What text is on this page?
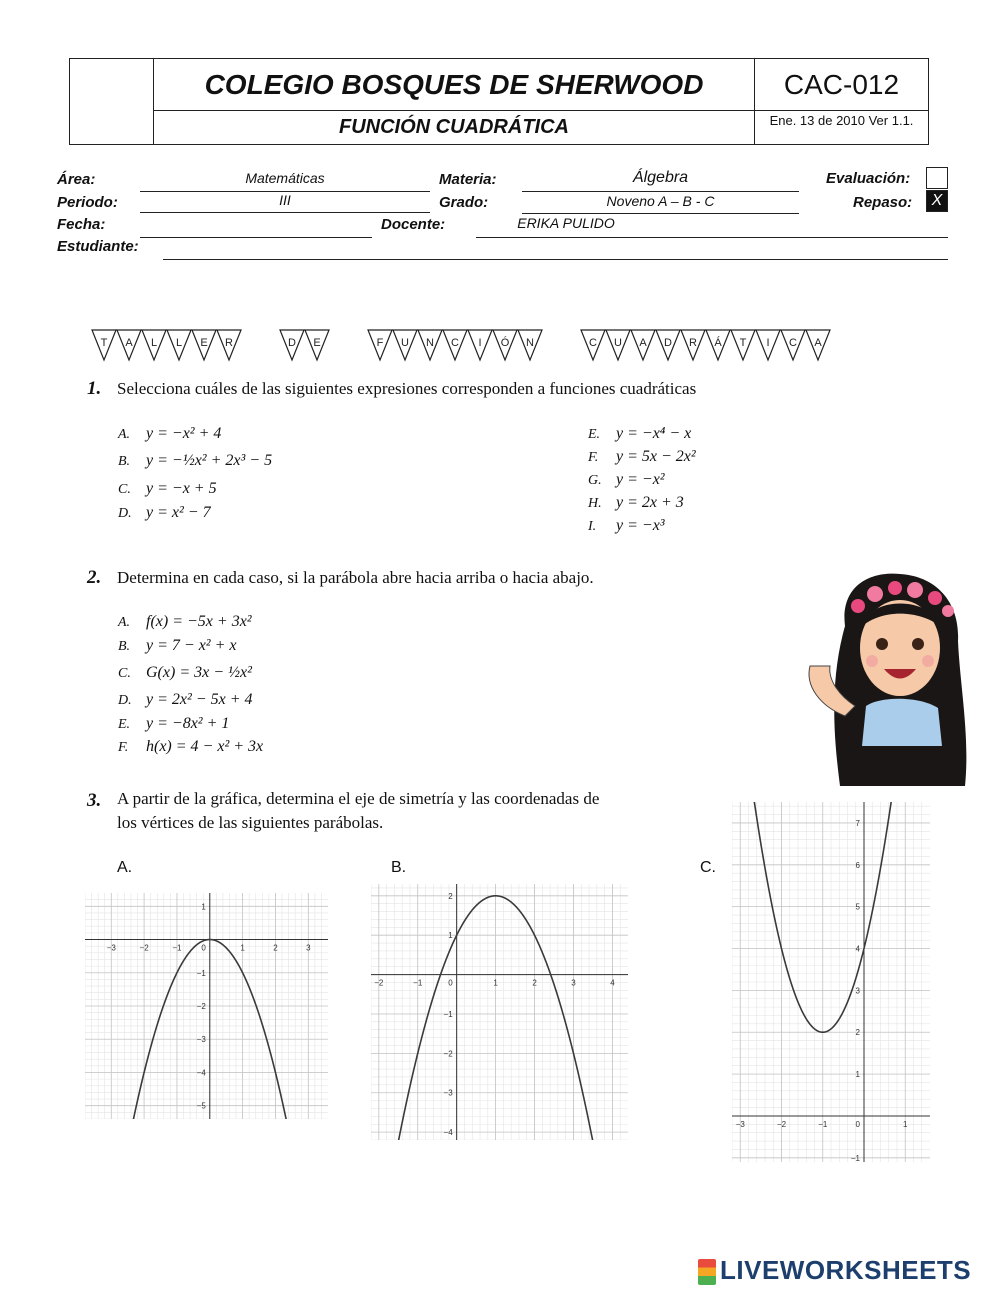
COLEGIO BOSQUES DE SHERWOOD	CAC-012
FUNCIÓN CUADRÁTICA	Ene. 13 de 2010 Ver 1.1.
Área:	Matemáticas	Materia:	Álgebra	Evaluación:
Periodo:	III	Grado:	Noveno A – B - C	Repaso:	X
Fecha:	Docente:	ERIKA PULIDO
Estudiante:
T A L L E R	D E	F U N C I Ó N	C U A D R Á T I C A
1. Selecciona cuáles de las siguientes expresiones corresponden a funciones cuadráticas
A. y = −x² + 4
B. y = −½x² + 2x³ − 5
C. y = −x + 5
D. y = x² − 7
E. y = −x⁴ − x
F. y = 5x − 2x²
G. y = −x²
H. y = 2x + 3
I. y = −x³
2. Determina en cada caso, si la parábola abre hacia arriba o hacia abajo.
A. f(x) = −5x + 3x²
B. y = 7 − x² + x
C. G(x) = 3x − ½x²
D. y = 2x² − 5x + 4
E. y = −8x² + 1
F. h(x) = 4 − x² + 3x
3. A partir de la gráfica, determina el eje de simetría y las coordenadas de
los vértices de las siguientes parábolas.
A.	B.	C.
−3	−2	−1	1	2	3
1
−1
−2
−3
−4
−5
0
−2	−1	1	2	3	4
2
1
−1
−2
−3
−4
0
−3	−2	−1	1
7
6
5
4
3
2
1
−1
0
LIVEWORKSHEETS
